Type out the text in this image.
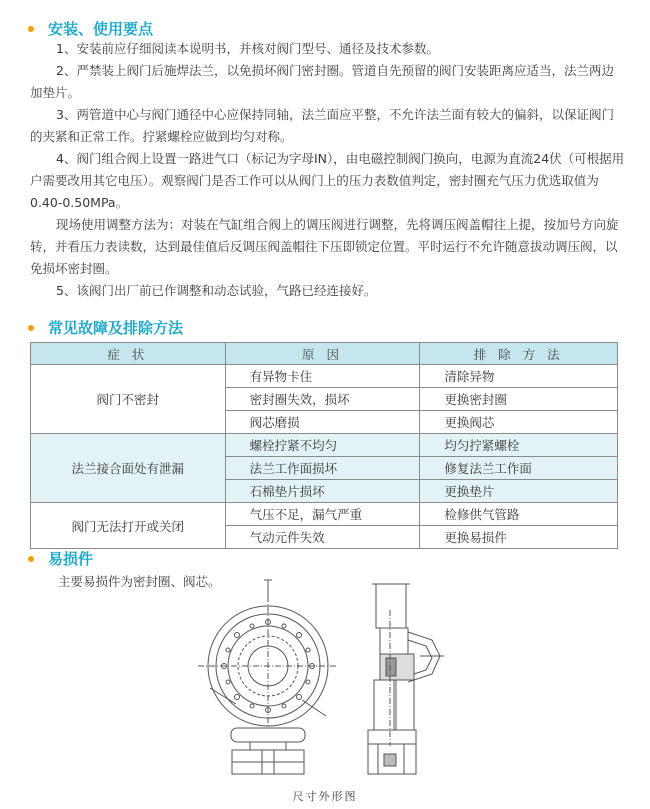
安装、使用要点

1、安装前应仔细阅读本说明书，并核对阀门型号、通径及技术参数。

2、严禁装上阀门后施焊法兰，以免损坏阀门密封圈。管道自先预留的阀门安装距离应适当，法兰两边加垫片。

3、两管道中心与阀门通径中心应保持同轴，法兰面应平整，不允许法兰面有较大的偏斜，以保证阀门的夹紧和正常工作。拧紧螺栓应做到均匀对称。

4、阀门组合阀上设置一路进气口（标记为字母IN），由电磁控制阀门换向，电源为直流24伏（可根据用户需要改用其它电压）。观察阀门是否工作可以从阀门上的压力表数值判定，密封圈充气压力优选取值为0.40-0.50MPa。

现场使用调整方法为：对装在气缸组合阀上的调压阀进行调整，先将调压阀盖帽往上提，按加号方向旋转，并看压力表读数，达到最佳值后反调压阀盖帽往下压即锁定位置。平时运行不允许随意拔动调压阀，以免损坏密封圈。

5、该阀门出厂前已作调整和动态试验，气路已经连接好。

常见故障及排除方法
症 状	原 因	排 除 方 法
阀门不密封	有异物卡住	清除异物
	密封圈失效，损坏	更换密封圈
	阀芯磨损	更换阀芯
法兰接合面处有泄漏	螺栓拧紧不均匀	均匀拧紧螺栓
	法兰工作面损坏	修复法兰工作面
	石棉垫片损坏	更换垫片
阀门无法打开或关闭	气压不足，漏气严重	检修供气管路
	气动元件失效	更换易损件
易损件

主要易损件为密封圈、阀芯。

尺寸外形图
